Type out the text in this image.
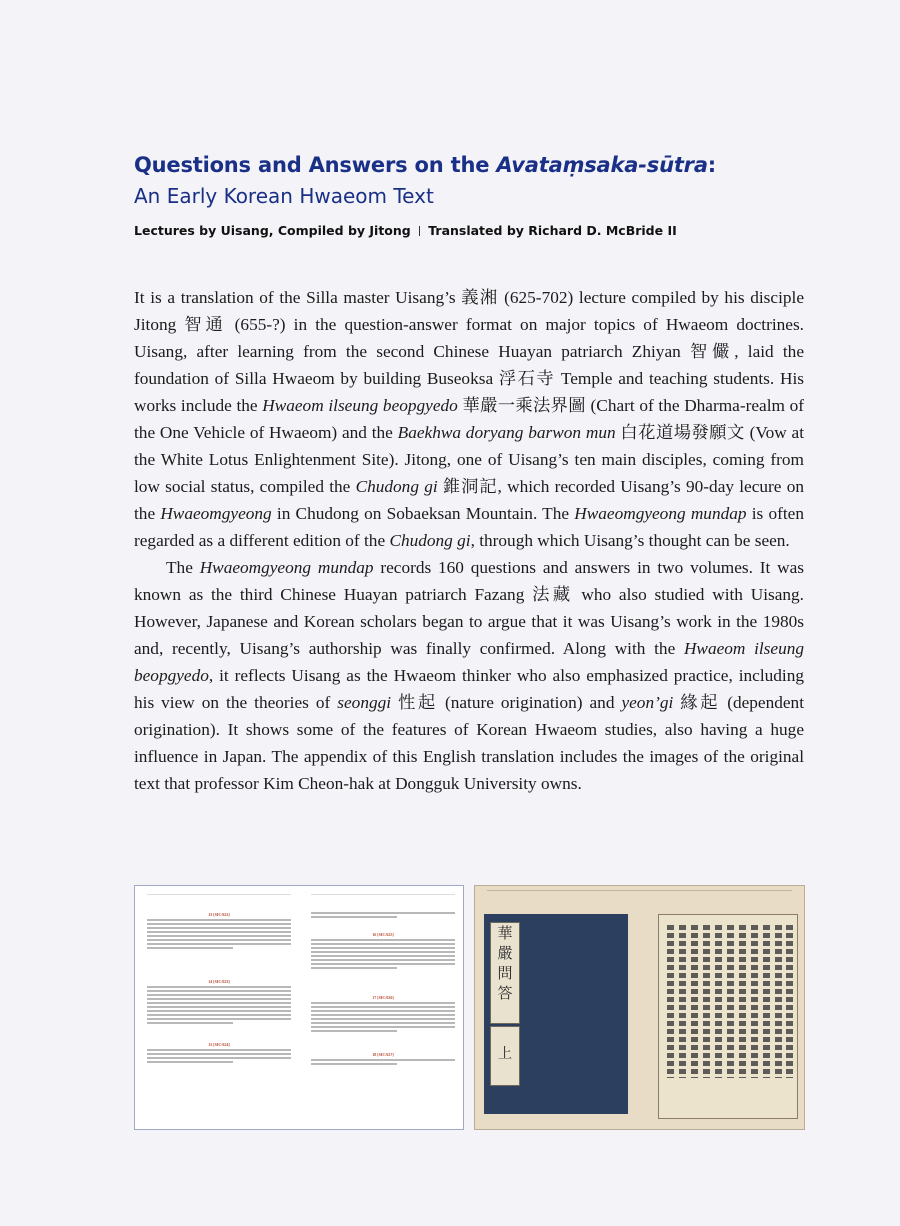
Questions and Answers on the Avataṃsaka-sūtra:
An Early Korean Hwaeom Text
Lectures by Uisang, Compiled by Jitong Translated by Richard D. McBride II

It is a translation of the Silla master Uisang’s 義湘 (625-702) lecture compiled by his disciple Jitong 智通 (655-?) in the question-answer format on major topics of Hwaeom doctrines. Uisang, after learning from the second Chinese Huayan patriarch Zhiyan 智儼, laid the foundation of Silla Hwaeom by building Buseoksa 浮石寺 Temple and teaching students. His works include the Hwaeom ilseung beopgyedo 華嚴一乘法界圖 (Chart of the Dharma-realm of the One Vehicle of Hwaeom) and the Baekhwa doryang barwon mun 白花道場發願文 (Vow at the White Lotus Enlightenment Site). Jitong, one of Uisang’s ten main disciples, coming from low social status, compiled the Chudong gi 錐洞記, which recorded Uisang’s 90-day lecure on the Hwaeomgyeong in Chudong on Sobaeksan Mountain. The Hwaeomgyeong mundap is often regarded as a different edition of the Chudong gi, through which Uisang’s thought can be seen.

The Hwaeomgyeong mundap records 160 questions and answers in two volumes. It was known as the third Chinese Huayan patriarch Fazang 法藏 who also studied with Uisang. However, Japanese and Korean scholars began to argue that it was Uisang’s work in the 1980s and, recently, Uisang’s authorship was finally confirmed. Along with the Hwaeom ilseung beopgyedo, it reflects Uisang as the Hwaeom thinker who also emphasized practice, including his view on the theories of seonggi 性起 (nature origination) and yeon’gi 緣起 (dependent origination). It shows some of the features of Korean Hwaeom studies, also having a huge influence in Japan. The appendix of this English translation includes the images of the original text that professor Kim Cheon-hak at Dongguk University owns.

13 [SIC/622]
14 [SIC/623]
15 [SIC/624]
16 [SIC/625]
17 [SIC/626]
18 [SIC/627]
華嚴問答
上
